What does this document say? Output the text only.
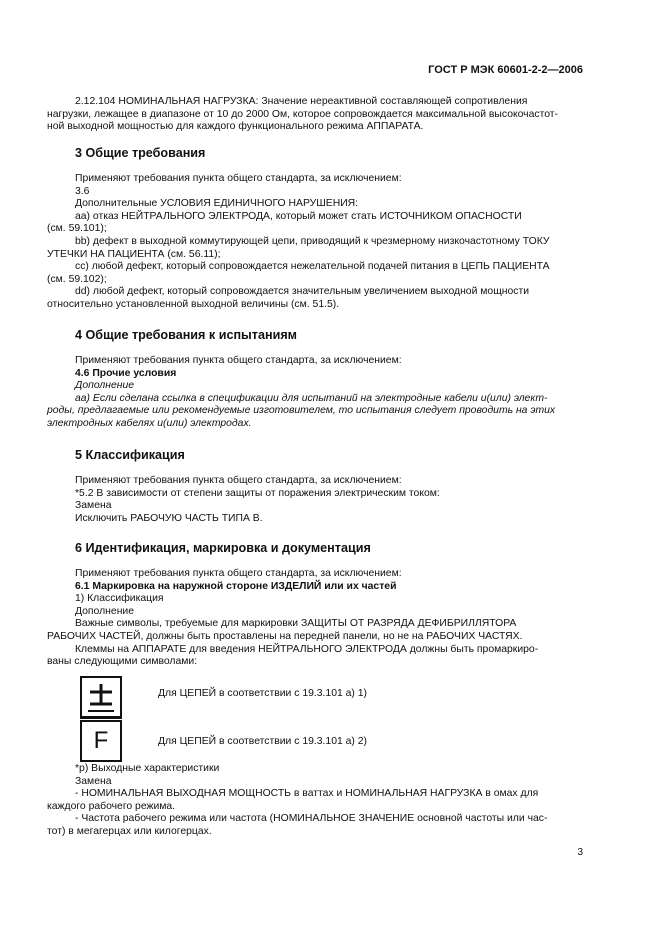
ГОСТ Р МЭК 60601-2-2—2006

2.12.104 НОМИНАЛЬНАЯ НАГРУЗКА: Значение нереактивной составляющей сопротивления

нагрузки, лежащее в диапазоне от 10 до 2000 Ом, которое сопровождается максимальной высокочастот-

ной выходной мощностью для каждого функционального режима АППАРАТА.

3 Общие требования

Применяют требования пункта общего стандарта, за исключением:

3.6

Дополнительные УСЛОВИЯ ЕДИНИЧНОГО НАРУШЕНИЯ:

aa) отказ НЕЙТРАЛЬНОГО ЭЛЕКТРОДА, который может стать ИСТОЧНИКОМ ОПАСНОСТИ

(см. 59.101);

bb) дефект в выходной коммутирующей цепи, приводящий к чрезмерному низкочастотному ТОКУ

УТЕЧКИ НА ПАЦИЕНТА (см. 56.11);

cc) любой дефект, который сопровождается нежелательной подачей питания в ЦЕПЬ ПАЦИЕНТА

(см. 59.102);

dd) любой дефект, который сопровождается значительным увеличением выходной мощности

относительно установленной выходной величины (см. 51.5).

4 Общие требования к испытаниям

Применяют требования пункта общего стандарта, за исключением:

4.6 Прочие условия

Дополнение

аа) Если сделана ссылка в спецификации для испытаний на электродные кабели и(или) элект-

роды, предлагаемые или рекомендуемые изготовителем, то испытания следует проводить на этих

электродных кабелях и(или) электродах.

5 Классификация

Применяют требования пункта общего стандарта, за исключением:

*5.2 В зависимости от степени защиты от поражения электрическим током:

Замена

Исключить РАБОЧУЮ ЧАСТЬ ТИПА В.

6 Идентификация, маркировка и документация

Применяют требования пункта общего стандарта, за исключением:

6.1 Маркировка на наружной стороне ИЗДЕЛИЙ или их частей

1) Классификация

Дополнение

Важные символы, требуемые для маркировки ЗАЩИТЫ ОТ РАЗРЯДА ДЕФИБРИЛЛЯТОРА

РАБОЧИХ ЧАСТЕЙ, должны быть проставлены на передней панели, но не на РАБОЧИХ ЧАСТЯХ.

Клеммы на АППАРАТЕ для введения НЕЙТРАЛЬНОГО ЭЛЕКТРОДА должны быть промаркиро-

ваны следующими символами:

Для ЦЕПЕЙ в соответствии с 19.3.101 а) 1)
F	Для ЦЕПЕЙ в соответствии с 19.3.101 а) 2)

*р) Выходные характеристики

Замена

- НОМИНАЛЬНАЯ ВЫХОДНАЯ МОЩНОСТЬ в ваттах и НОМИНАЛЬНАЯ НАГРУЗКА в омах для

каждого рабочего режима.

- Частота рабочего режима или частота (НОМИНАЛЬНОЕ ЗНАЧЕНИЕ основной частоты или час-

тот) в мегагерцах или килогерцах.

3
